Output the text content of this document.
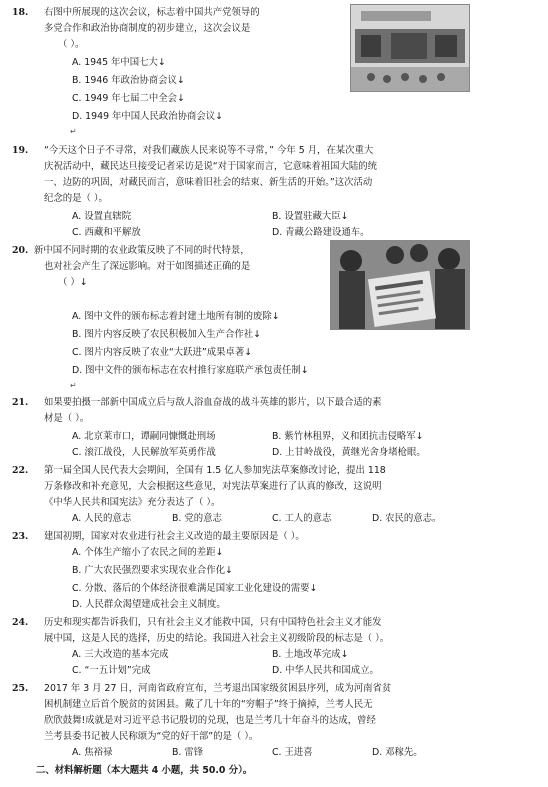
18. 右图中所展现的这次会议，标志着中国共产党领导的
多党合作和政治协商制度的初步建立，这次会议是
（ ）。
A. 1945 年中国七大↓
B. 1946 年政治协商会议↓
C. 1949 年七届二中全会↓
D. 1949 年中国人民政治协商会议↓
↵
19. “今天这个日子不寻常，对我们藏族人民来说等不寻常，” 今年 5 月，在某次重大
庆祝活动中，藏民达旦接受记者采访是说“对于国家而言，它意味着祖国大陆的统
一、边防的巩固，对藏民而言，意味着旧社会的结束、新生活的开始。”这次活动
纪念的是（ ）。
A. 设置直辖院	B. 设置驻藏大臣↓
C. 西藏和平解放	D. 青藏公路建设通车。
20. 新中国不同时期的农业政策反映了不同的时代特景，
也对社会产生了深远影响。对于如图描述正确的是
（ ）↓
A. 图中文件的颁布标志着封建土地所有制的废除↓
B. 图片内容反映了农民积极加入生产合作社↓
C. 图片内容反映了农业“大跃进”成果卓著↓
D. 图中文件的颁布标志在农村推行家庭联产承包责任制↓
↵
21. 如果要拍摄一部新中国成立后与敌人浴血奋战的战斗英雄的影片，以下最合适的素
材是（ ）。
A. 北京莱市口，谭嗣同慷慨赴刑场	B. 紫竹林租界，义和团抗击侵略军↓
C. 滚江战役，人民解放军英勇作战	D. 上甘岭战役，黄继光舍身堵枪眼。
22. 第一届全国人民代表大会期间，全国有 1.5 亿人参加宪法草案修改讨论，提出 118
万条修改和补充意见，大会根据这些意见，对宪法草案进行了认真的修改，这说明
《中华人民共和国宪法》充分表达了（ ）。
A. 人民的意志	B. 党的意志	C. 工人的意志	D. 农民的意志。
23. 建国初期，国家对农业进行社会主义改造的最主要原因是（ ）。
A. 个体生产缩小了农民之间的差距↓
B. 广大农民强烈要求实现农业合作化↓
C. 分散、落后的个体经济很难满足国家工业化建设的需要↓
D. 人民群众渴望建成社会主义制度。
24. 历史和现实都告诉我们，只有社会主义才能救中国，只有中国特色社会主义才能发
展中国，这是人民的选择，历史的结论。我国进入社会主义初级阶段的标志是（ ）。
A. 三大改造的基本完成	B. 土地改革完成↓
C. “一五计划”完成	D. 中华人民共和国成立。
25. 2017 年 3 月 27 日，河南省政府宣布，兰考退出国家级贫困县序列，成为河南省贫
困机制建立后首个脱贫的贫困县。戴了几十年的“穷帽子”终于摘掉，兰考人民无
欣欣鼓舞!成就是对习近平总书记殷切的兑现，也是兰考几十年奋斗的达成，曾经
兰考县委书记被人民称颂为“党的好干部”的是（ ）。
A. 焦裕禄	B. 雷锋	C. 王进喜	D. 邓稼先。
二、材料解析题（本大题共 4 小题，共 50.0 分）。
